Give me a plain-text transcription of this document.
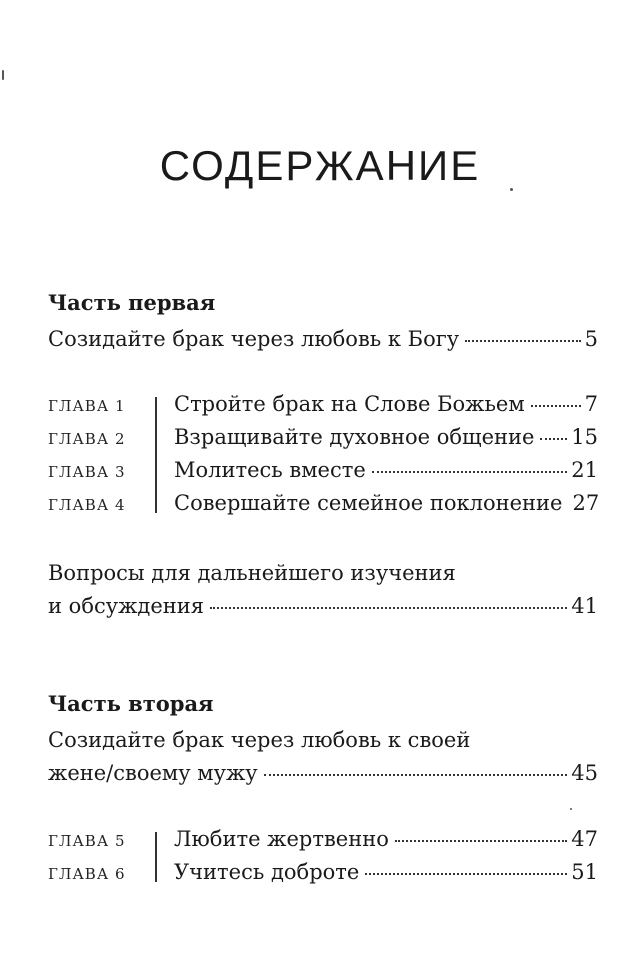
СОДЕРЖАНИЕ
Часть первая
Созидайте брак через любовь к Богу	5
ГЛАВА 1	Стройте брак на Слове Божьем	7
ГЛАВА 2	Взращивайте духовное общение 15
ГЛАВА 3	Молитесь вместе	21
ГЛАВА 4	Совершайте семейное поклонение 27
Вопросы для дальнейшего изучения
и обсуждения	41
Часть вторая
Созидайте брак через любовь к своей
жене/своему мужу	45
ГЛАВА 5	Любите жертвенно	47
ГЛАВА 6	Учитесь доброте	51
